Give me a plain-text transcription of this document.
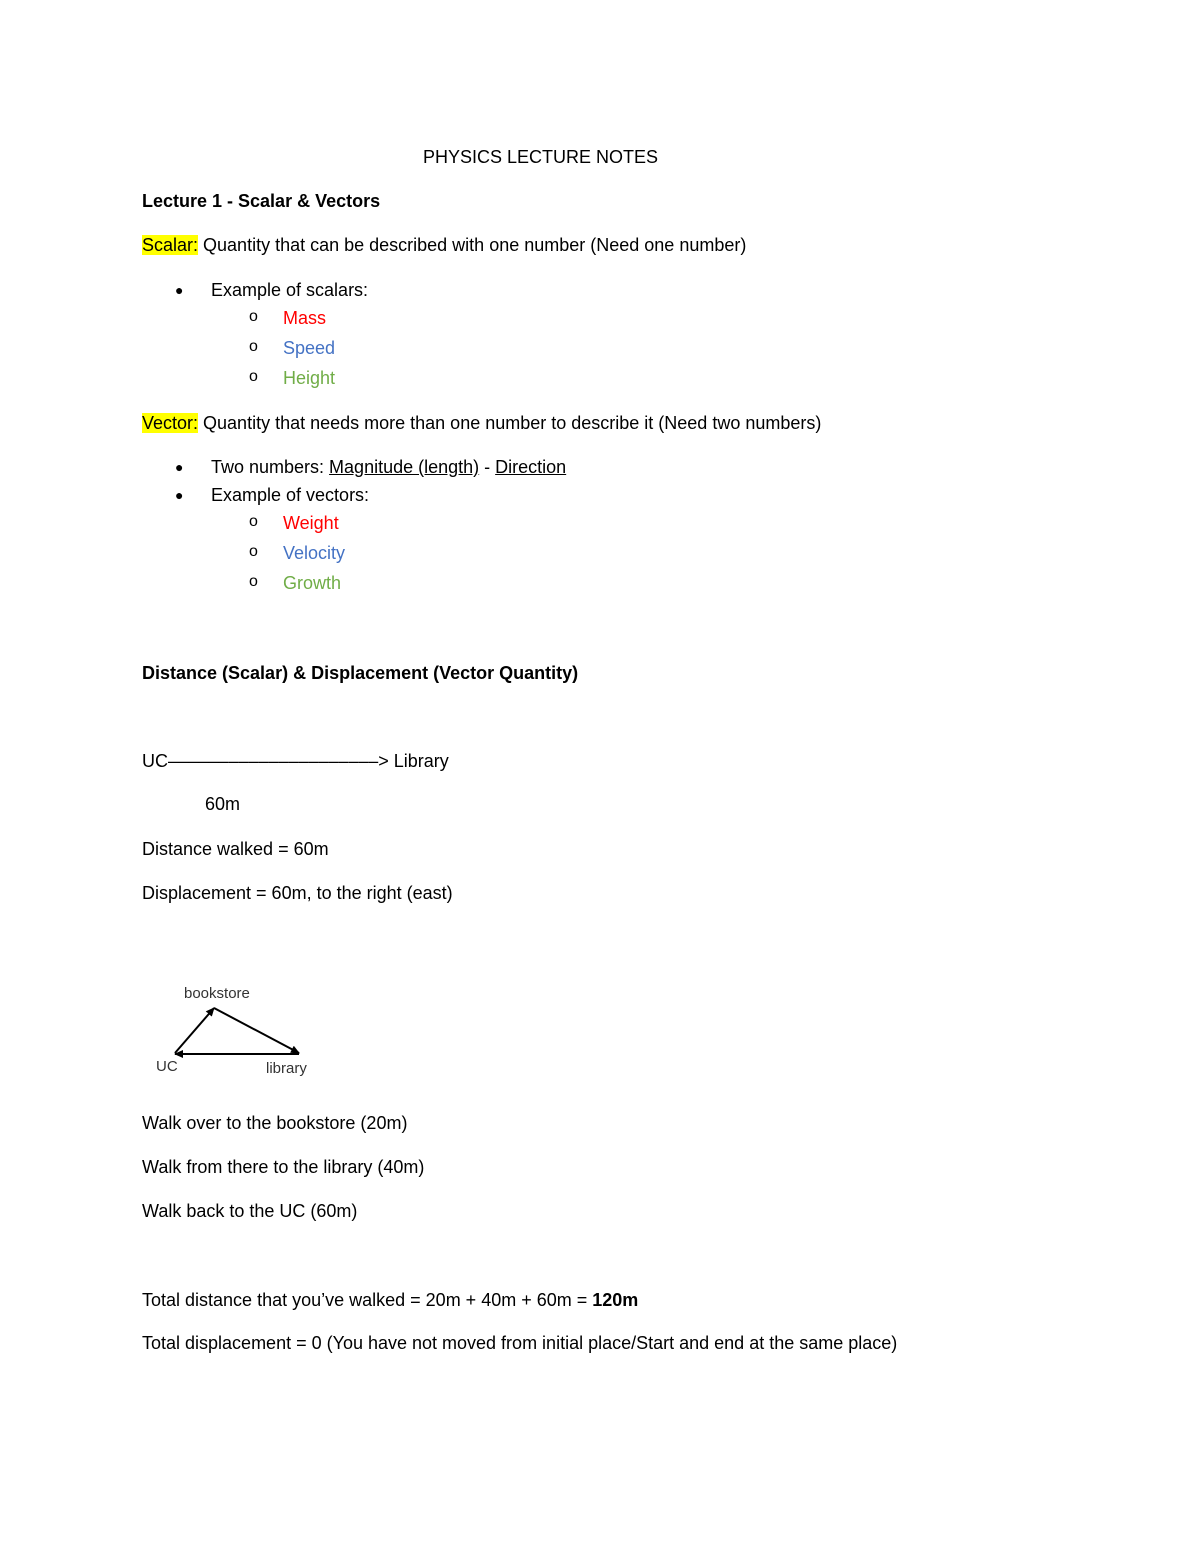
PHYSICS LECTURE NOTES
Lecture 1 - Scalar & Vectors
Scalar: Quantity that can be described with one number (Need one number)
● Example of scalars:
o Mass
o Speed
o Height
Vector: Quantity that needs more than one number to describe it (Need two numbers)
● Two numbers: Magnitude (length) - Direction
● Example of vectors:
o Weight
o Velocity
o Growth
Distance (Scalar) & Displacement (Vector Quantity)
UC–––––––––––––––––––––> Library
60m
Distance walked = 60m
Displacement = 60m, to the right (east)
bookstore
UC	library
Walk over to the bookstore (20m)
Walk from there to the library (40m)
Walk back to the UC (60m)
Total distance that you’ve walked = 20m + 40m + 60m = 120m
Total displacement = 0 (You have not moved from initial place/Start and end at the same place)
